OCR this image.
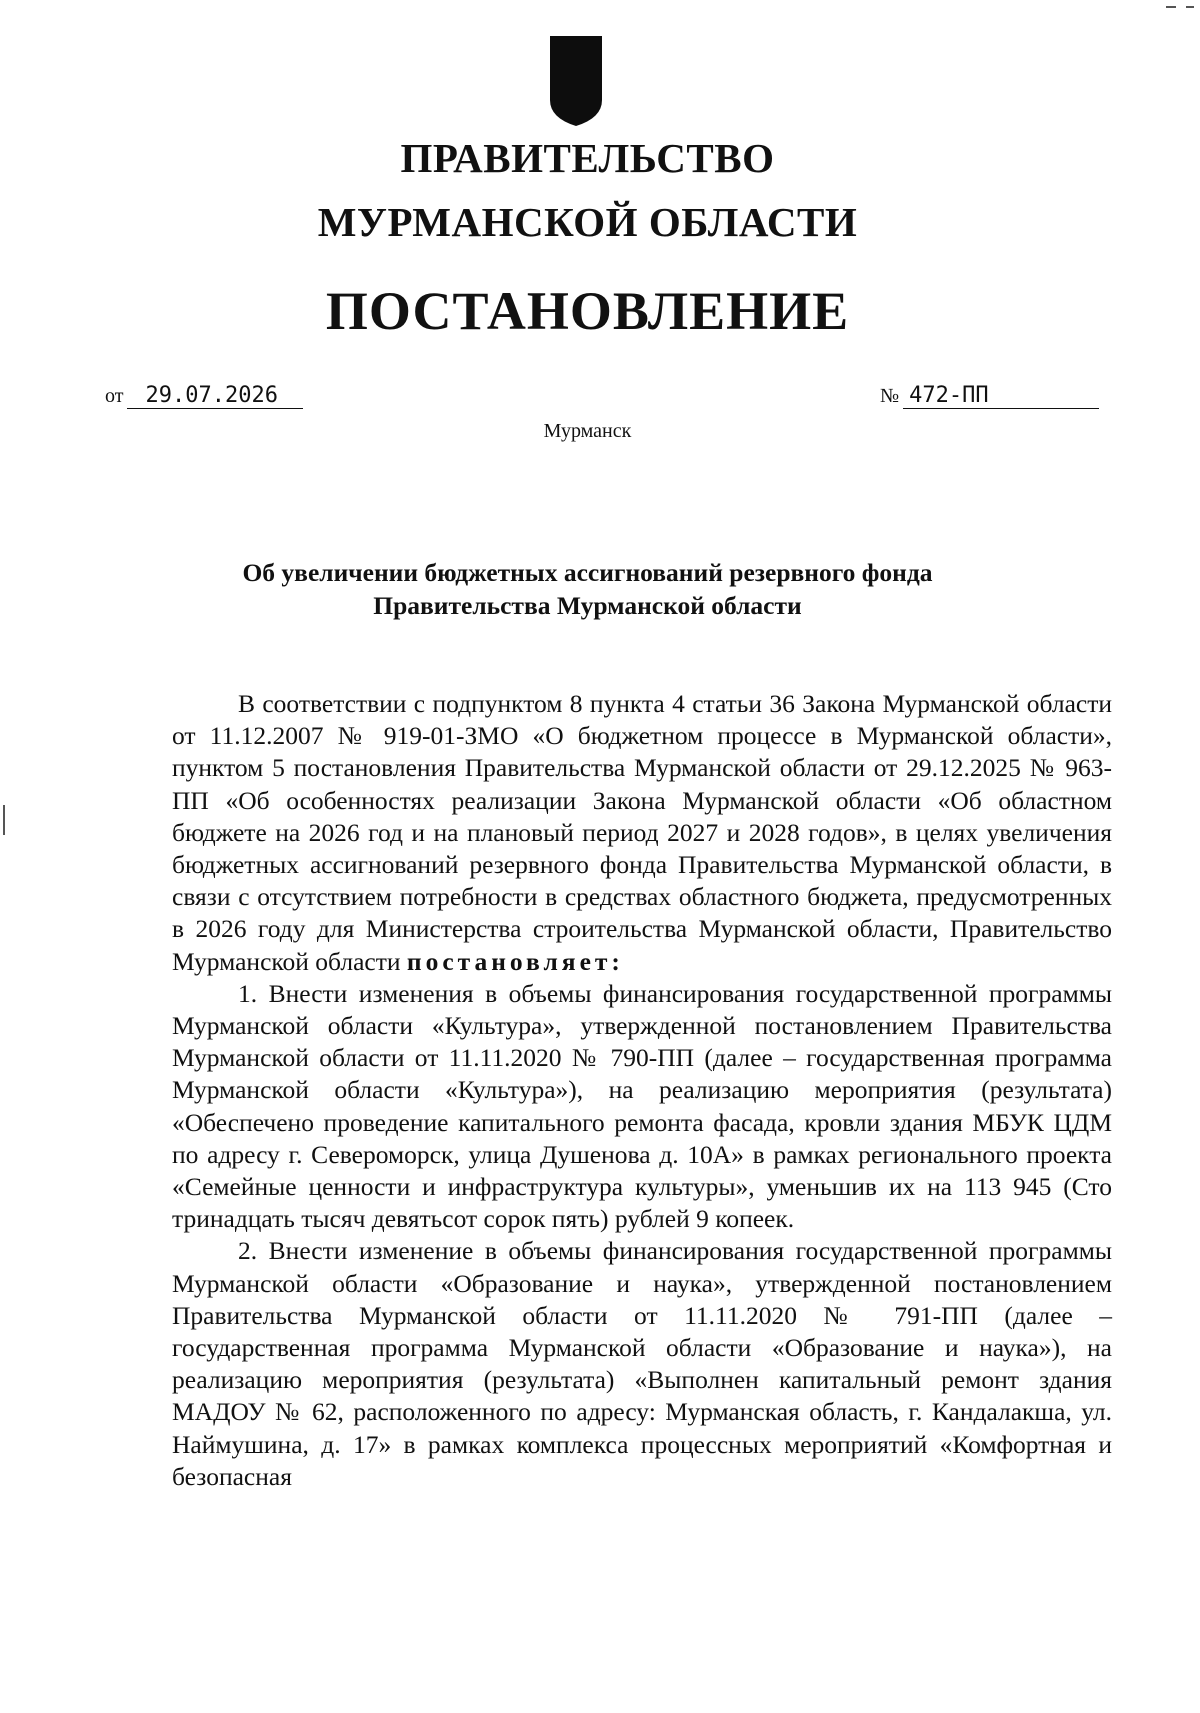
ПРАВИТЕЛЬСТВО
МУРМАНСКОЙ ОБЛАСТИ
ПОСТАНОВЛЕНИЕ
от 29.07.2026	№ 472-ПП
Мурманск
Об увеличении бюджетных ассигнований резервного фонда
Правительства Мурманской области

В соответствии с подпунктом 8 пункта 4 статьи 36 Закона Мурманской области от 11.12.2007 № 919-01-ЗМО «О бюджетном процессе в Мурманской области», пунктом 5 постановления Правительства Мурманской области от 29.12.2025 № 963-ПП «Об особенностях реализации Закона Мурманской области «Об областном бюджете на 2026 год и на плановый период 2027 и 2028 годов», в целях увеличения бюджетных ассигнований резервного фонда Правительства Мурманской области, в связи с отсутствием потребности в средствах областного бюджета, предусмотренных в 2026 году для Министерства строительства Мурманской области, Правительство Мурманской области постановляет:

1. Внести изменения в объемы финансирования государственной программы Мурманской области «Культура», утвержденной постановлением Правительства Мурманской области от 11.11.2020 № 790-ПП (далее – государственная программа Мурманской области «Культура»), на реализацию мероприятия (результата) «Обеспечено проведение капитального ремонта фасада, кровли здания МБУК ЦДМ по адресу г. Североморск, улица Душенова д. 10А» в рамках регионального проекта «Семейные ценности и инфраструктура культуры», уменьшив их на 113 945 (Сто тринадцать тысяч девятьсот сорок пять) рублей 9 копеек.

2. Внести изменение в объемы финансирования государственной программы Мурманской области «Образование и наука», утвержденной постановлением Правительства Мурманской области от 11.11.2020 № 791-ПП (далее – государственная программа Мурманской области «Образование и наука»), на реализацию мероприятия (результата) «Выполнен капитальный ремонт здания МАДОУ № 62, расположенного по адресу: Мурманская область, г. Кандалакша, ул. Наймушина, д. 17» в рамках комплекса процессных мероприятий «Комфортная и безопасная
